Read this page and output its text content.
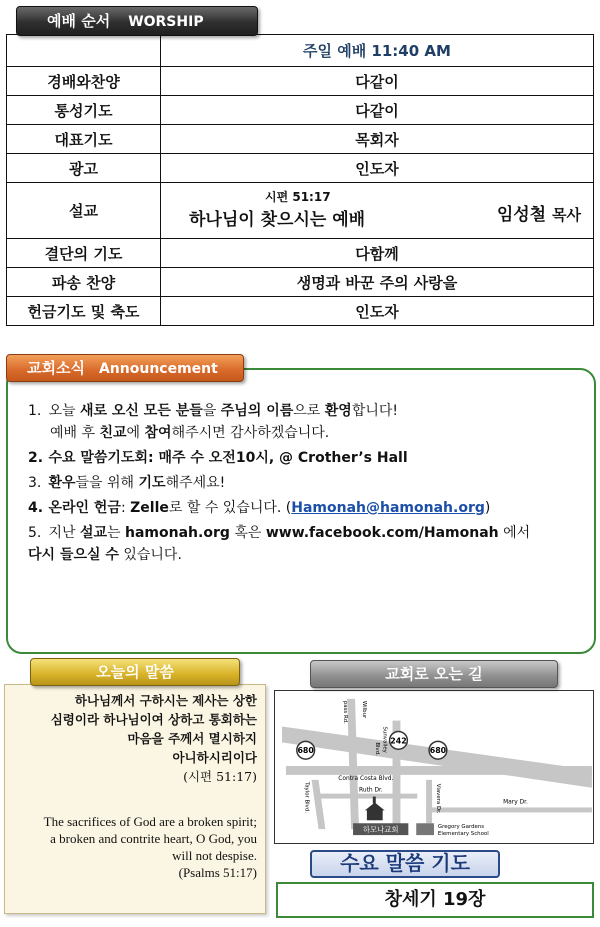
예배 순서 WORSHIP
	주일 예배 11:40 AM
경배와찬양	다같이
통성기도	다같이
대표기도	목회자
광고	인도자
설교	시편 51:17
하나님이 찾으시는 예배 임성철 목사

결단의 기도	다함께
파송 찬양	생명과 바꾼 주의 사랑을
헌금기도 및 축도	인도자
교회소식 Announcement
1. 오늘 새로 오신 모든 분들을 주님의 이름으로 환영합니다!
예배 후 친교에 참여해주시면 감사하겠습니다.
2. 수요 말씀기도회: 매주 수 오전10시, @ Crother’s Hall
3. 환우들을 위해 기도해주세요!
4. 온라인 헌금: Zelle로 할 수 있습니다. (Hamonah@hamonah.org)
5. 지난 설교는 hamonah.org 혹은 www.facebook.com/Hamonah 에서
다시 들으실 수 있습니다.
오늘의 말씀
하나님께서 구하시는 제사는 상한
심령이라 하나님이여 상하고 통회하는
마음을 주께서 멸시하지
아니하시리이다
(시편 51:17)
The sacrifices of God are a broken spirit;
a broken and contrite heart, O God, you
will not despise.
(Psalms 51:17)
교회로 오는 길
680
242
680
Wilbur
pass Rd.
Sunvalley
Blvd.
Contra Costa Blvd.
Taylor Blvd.	Ruth Dr.	Viavera Dr.	Mary Dr.
하모나교회	Gregory Gardens
Elementary School
수요 말씀 기도
창세기 19장
